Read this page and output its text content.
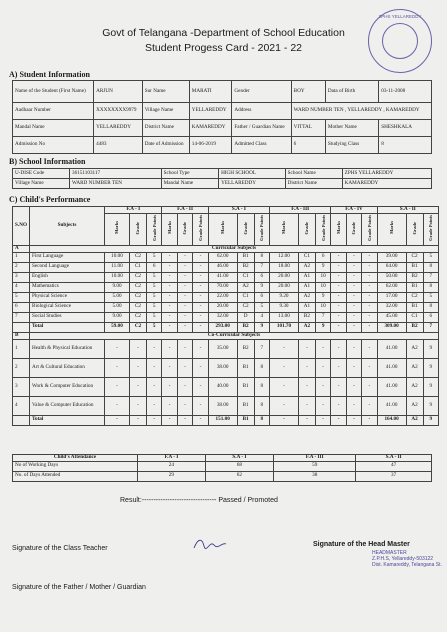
Govt of Telangana -Department of School Education
Student Progess Card - 2021 - 22
ZPHS YELLAREDDY
A) Student Information
Name of the Student (First Name)	ARJUN	Sur Name	MARATI	Gender	BOY	Data of Birth	03-11-2008
Aadhaar Number	XXXXXXXX9979	Village Name	YELLAREDDY	Address	WARD NUMBER TEN , YELLAREDDY , KAMAREDDY		
Mandal Name	YELLAREDDY	District Name	KAMAREDDY	Father / Guardian Name	VITTAL	Mother Name	SHESHKALA
Admission No	4483	Date of Admission	14-06-2019	Admitted Class	6	Studying Class	8
B) School Information
U-DISE Code	36151103117	School Type	HIGH SCHOOL	School Name	ZPHS YELLAREDDY
Village Name	WARD NUMBER TEN	Mandal Name	YELLAREDDY	District Name	KAMAREDDY
C) Child's Performance
S.NO	Subjects	F.A - I			F.A - II			S.A - I			F.A - III			F.A - IV			S.A - II		
		Marks	Grade	Grade Points	Marks	Grade	Grade Points	Marks	Grade	Grade Points	Marks	Grade	Grade Points	Marks	Grade	Grade Points	Marks	Grade	Grade Points
A	Curricular Subjects																		
1	First Language	10.00	C2	5	-	-	-	62.00	B1	8	12.00	C1	6	-	-	-	39.00	C2	5
2	Second Language	11.00	C1	6	-	-	-	46.00	B2	7	18.00	A2	9	-	-	-	64.00	B1	8
3	English	10.00	C2	5	-	-	-	41.00	C1	6	20.00	A1	10	-	-	-	50.00	B2	7
4	Mathematics	9.00	C2	5	-	-	-	70.00	A2	9	20.00	A1	10	-	-	-	62.00	B1	8
5	Physical Science	5.00	C2	5	-	-	-	22.00	C1	6	9.20	A2	9	-	-	-	17.00	C2	5
6	Biological Science	5.00	C2	5	-	-	-	20.00	C2	5	9.30	A1	10	-	-	-	32.00	B1	8
7	Social Studies	9.00	C2	5	-	-	-	32.00	D	4	13.00	B2	7	-	-	-	45.00	C1	6
	Total	59.00	C2	5	-	-	-	293.00	B2	9	101.70	A2	9	-	-	-	309.00	B2	7
B	Co-Curricular Subjects																		
1	Health & Physical Education	-	-	-	-	-	-	35.00	B2	7	-	-	-	-	-	-	41.00	A2	9
2	Art & Cultural Education	-	-	-	-	-	-	38.00	B1	8	-	-	-	-	-	-	41.00	A2	9
3	Work & Computer Education	-	-	-	-	-	-	40.00	B1	8	-	-	-	-	-	-	41.00	A2	9
4	Value & Computer Education	-	-	-	-	-	-	38.00	B1	8	-	-	-	-	-	-	41.00	A2	9
	Total	-	-	-	-	-	-	151.00	B1	8	-	-	-	-	-	-	164.00	A2	9
Child's Attendance	F.A - I	S.A - I	F.A - III	S.A - II
No of Working Days	24	68	59	47
No. of Days Attended	29	62	38	37
Result:-------------------------------- Passed / Promoted
Signature of the Class Teacher
Signature of the Head Master
HEADMASTER
Z.P.H.S, Yellareddy-503122
Dist. Kamareddy, Telangana St.
Signature of the Father / Mother / Guardian
